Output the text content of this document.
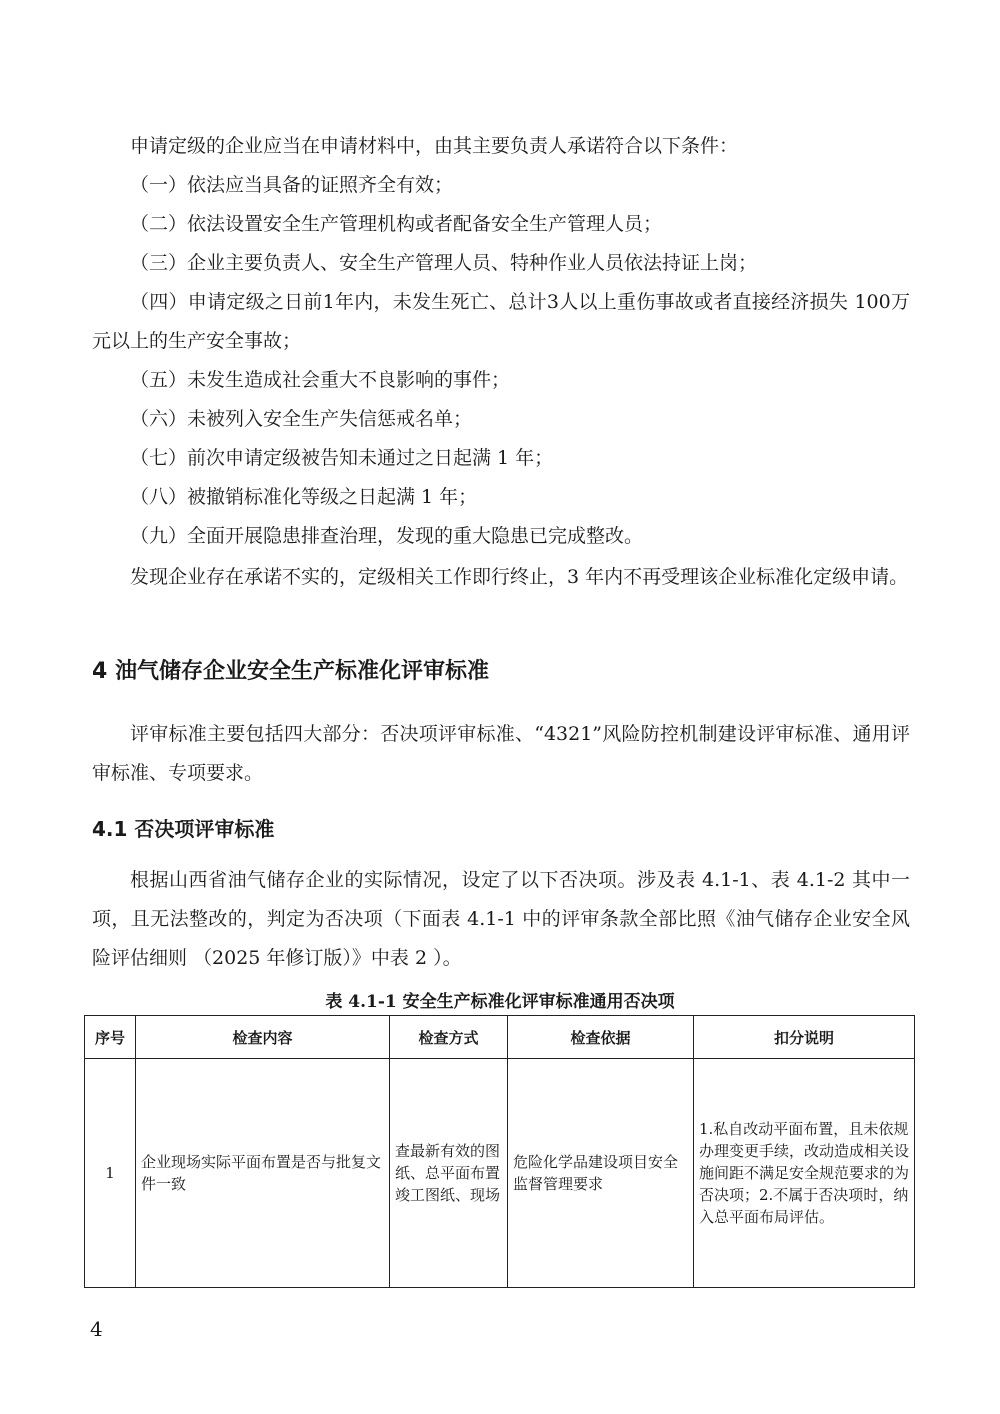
申请定级的企业应当在申请材料中，由其主要负责人承诺符合以下条件：

（一）依法应当具备的证照齐全有效；

（二）依法设置安全生产管理机构或者配备安全生产管理人员；

（三）企业主要负责人、安全生产管理人员、特种作业人员依法持证上岗；

（四）申请定级之日前1年内，未发生死亡、总计3人以上重伤事故或者直接经济损失 100万元以上的生产安全事故；

（五）未发生造成社会重大不良影响的事件；

（六）未被列入安全生产失信惩戒名单；

（七）前次申请定级被告知未通过之日起满 1 年；

（八）被撤销标准化等级之日起满 1 年；

（九）全面开展隐患排查治理，发现的重大隐患已完成整改。

发现企业存在承诺不实的，定级相关工作即行终止，3 年内不再受理该企业标准化定级申请。

4 油气储存企业安全生产标准化评审标准

评审标准主要包括四大部分：否决项评审标准、“4321”风险防控机制建设评审标准、通用评审标准、专项要求。

4.1 否决项评审标准

根据山西省油气储存企业的实际情况，设定了以下否决项。涉及表 4.1-1、表 4.1-2 其中一项，且无法整改的，判定为否决项（下面表 4.1-1 中的评审条款全部比照《油气储存企业安全风险评估细则 （2025 年修订版）》中表 2 ）。

表 4.1-1 安全生产标准化评审标准通用否决项

序号	检查内容	检查方式	检查依据	扣分说明
1	企业现场实际平面布置是否与批复文件一致	查最新有效的图纸、总平面布置竣工图纸、现场	危险化学品建设项目安全监督管理要求	1.私自改动平面布置，且未依规办理变更手续，改动造成相关设施间距不满足安全规范要求的为否决项；2.不属于否决项时，纳入总平面布局评估。

4
